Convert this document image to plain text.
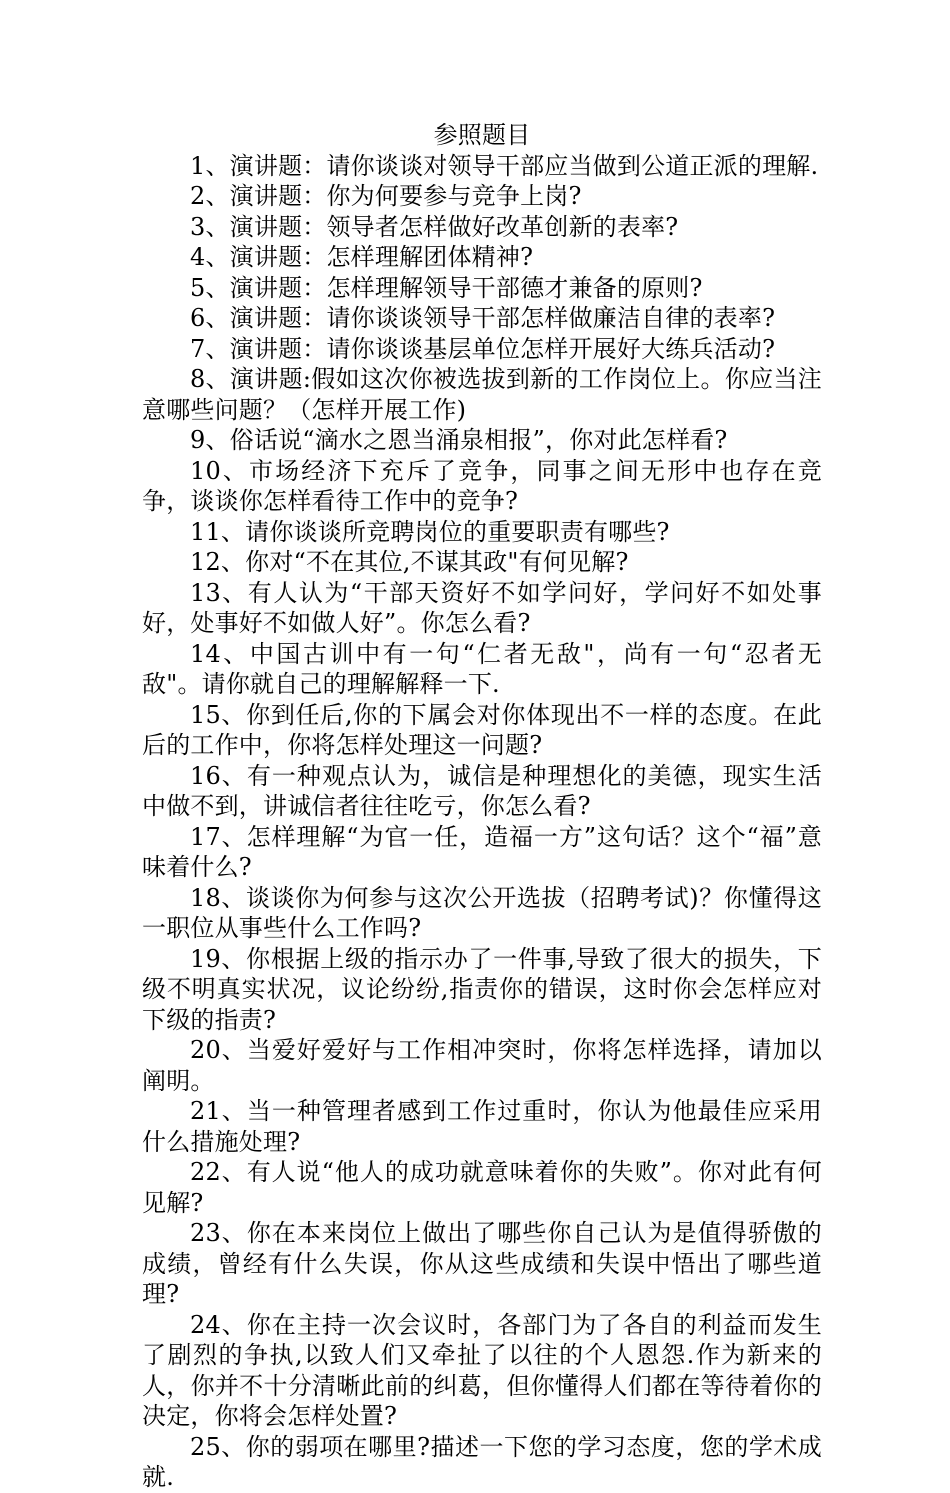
参照题目

1、演讲题：请你谈谈对领导干部应当做到公道正派的理解.

2、演讲题：你为何要参与竞争上岗?

3、演讲题：领导者怎样做好改革创新的表率?

4、演讲题：怎样理解团体精神?

5、演讲题：怎样理解领导干部德才兼备的原则?

6、演讲题：请你谈谈领导干部怎样做廉洁自律的表率?

7、演讲题：请你谈谈基层单位怎样开展好大练兵活动?

8、演讲题:假如这次你被选拔到新的工作岗位上。你应当注意哪些问题？（怎样开展工作)

9、俗话说“滴水之恩当涌泉相报”，你对此怎样看?

10、市场经济下充斥了竞争，同事之间无形中也存在竞争，谈谈你怎样看待工作中的竞争?

11、请你谈谈所竞聘岗位的重要职责有哪些?

12、你对“不在其位,不谋其政"有何见解?

13、有人认为“干部天资好不如学问好，学问好不如处事好，处事好不如做人好”。你怎么看?

14、中国古训中有一句“仁者无敌"，尚有一句“忍者无敌"。请你就自己的理解解释一下.

15、你到任后,你的下属会对你体现出不一样的态度。在此后的工作中，你将怎样处理这一问题?

16、有一种观点认为，诚信是种理想化的美德，现实生活中做不到，讲诚信者往往吃亏，你怎么看?

17、怎样理解“为官一任，造福一方”这句话？这个“福”意味着什么?

18、谈谈你为何参与这次公开选拔（招聘考试)？你懂得这一职位从事些什么工作吗?

19、你根据上级的指示办了一件事,导致了很大的损失，下级不明真实状况，议论纷纷,指责你的错误，这时你会怎样应对下级的指责?

20、当爱好爱好与工作相冲突时，你将怎样选择，请加以阐明。

21、当一种管理者感到工作过重时，你认为他最佳应采用什么措施处理?

22、有人说“他人的成功就意味着你的失败”。你对此有何见解?

23、你在本来岗位上做出了哪些你自己认为是值得骄傲的成绩，曾经有什么失误，你从这些成绩和失误中悟出了哪些道理?

24、你在主持一次会议时，各部门为了各自的利益而发生了剧烈的争执,以致人们又牵扯了以往的个人恩怨.作为新来的人，你并不十分清晰此前的纠葛，但你懂得人们都在等待着你的决定，你将会怎样处置?

25、你的弱项在哪里?描述一下您的学习态度，您的学术成就.
